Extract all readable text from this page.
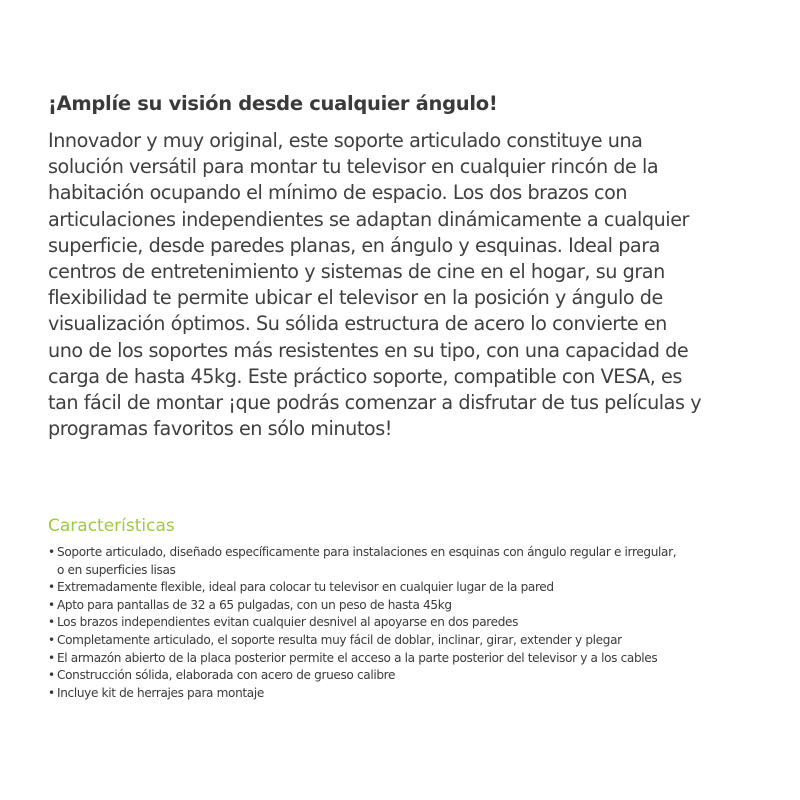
¡Amplíe su visión desde cualquier ángulo!

Innovador y muy original, este soporte articulado constituye una
solución versátil para montar tu televisor en cualquier rincón de la
habitación ocupando el mínimo de espacio. Los dos brazos con
articulaciones independientes se adaptan dinámicamente a cualquier
superficie, desde paredes planas, en ángulo y esquinas. Ideal para
centros de entretenimiento y sistemas de cine en el hogar, su gran
flexibilidad te permite ubicar el televisor en la posición y ángulo de
visualización óptimos. Su sólida estructura de acero lo convierte en
uno de los soportes más resistentes en su tipo, con una capacidad de
carga de hasta 45kg. Este práctico soporte, compatible con VESA, es
tan fácil de montar ¡que podrás comenzar a disfrutar de tus películas y
programas favoritos en sólo minutos!

Características
• Soporte articulado, diseñado específicamente para instalaciones en esquinas con ángulo regular e irregular,
o en superficies lisas
• Extremadamente flexible, ideal para colocar tu televisor en cualquier lugar de la pared
• Apto para pantallas de 32 a 65 pulgadas, con un peso de hasta 45kg
• Los brazos independientes evitan cualquier desnivel al apoyarse en dos paredes
• Completamente articulado, el soporte resulta muy fácil de doblar, inclinar, girar, extender y plegar
• El armazón abierto de la placa posterior permite el acceso a la parte posterior del televisor y a los cables
• Construcción sólida, elaborada con acero de grueso calibre
• Incluye kit de herrajes para montaje
